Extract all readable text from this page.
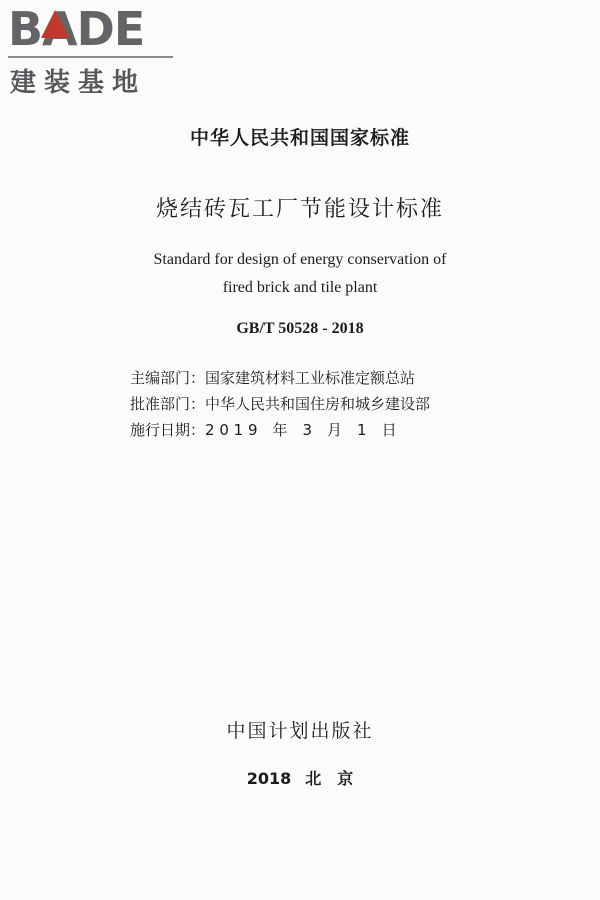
BADE
建装基地
中华人民共和国国家标准
烧结砖瓦工厂节能设计标准
Standard for design of energy conservation of
fired brick and tile plant
GB/T 50528 - 2018
主编部门：国家建筑材料工业标准定额总站
批准部门：中华人民共和国住房和城乡建设部
施行日期：2 0 1 9　年　3　月　1　日
中国计划出版社
2018 北　京
